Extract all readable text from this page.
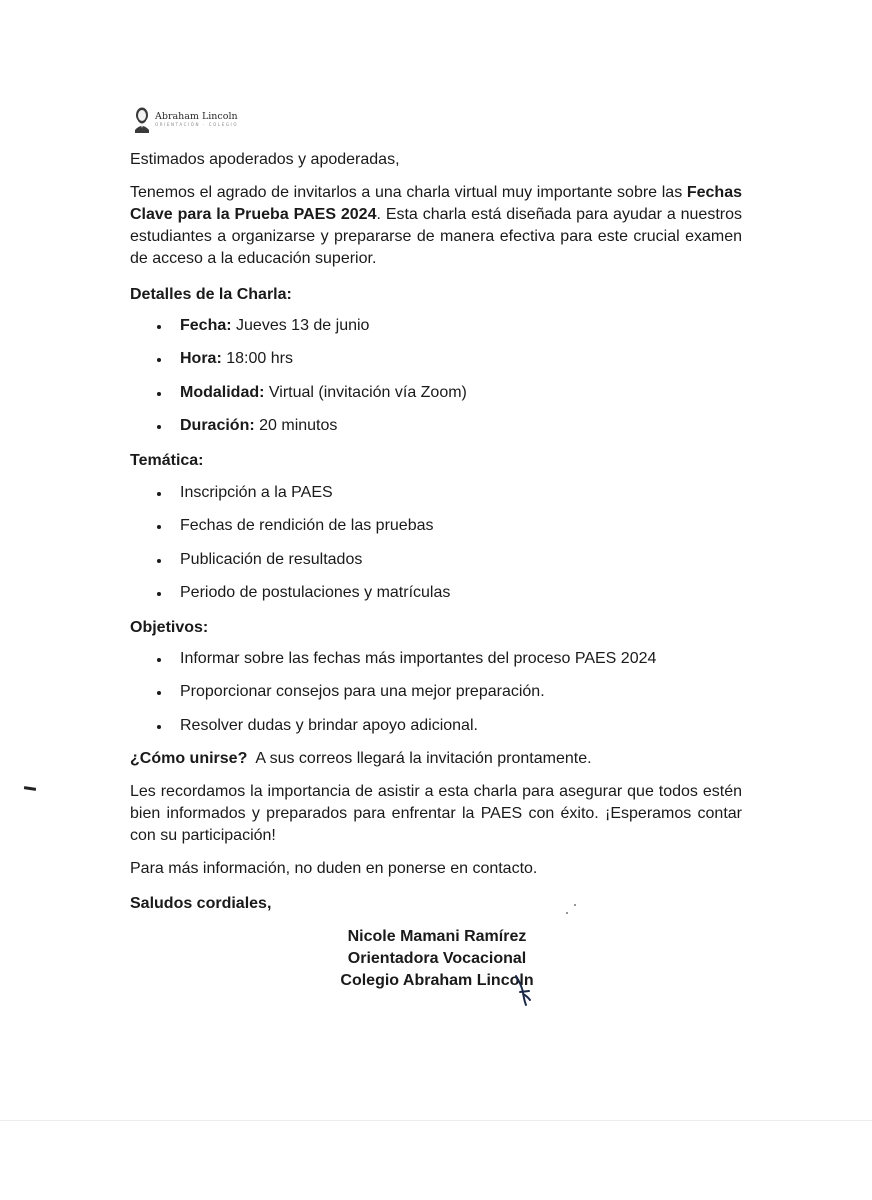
Abraham Lincoln
ORIENTACIÓN · COLEGIO

Estimados apoderados y apoderadas,

Tenemos el agrado de invitarlos a una charla virtual muy importante sobre las Fechas Clave para la Prueba PAES 2024. Esta charla está diseñada para ayudar a nuestros estudiantes a organizarse y prepararse de manera efectiva para este crucial examen de acceso a la educación superior.

Detalles de la Charla:

Fecha: Jueves 13 de junio
Hora: 18:00 hrs
Modalidad: Virtual (invitación vía Zoom)
Duración: 20 minutos

Temática:

Inscripción a la PAES
Fechas de rendición de las pruebas
Publicación de resultados
Periodo de postulaciones y matrículas

Objetivos:

Informar sobre las fechas más importantes del proceso PAES 2024
Proporcionar consejos para una mejor preparación.
Resolver dudas y brindar apoyo adicional.

¿Cómo unirse?  A sus correos llegará la invitación prontamente.

Les recordamos la importancia de asistir a esta charla para asegurar que todos estén bien informados y preparados para enfrentar la PAES con éxito. ¡Esperamos contar con su participación!

Para más información, no duden en ponerse en contacto.

Saludos cordiales,

Nicole Mamani Ramírez
Orientadora Vocacional
Colegio Abraham Lincoln
